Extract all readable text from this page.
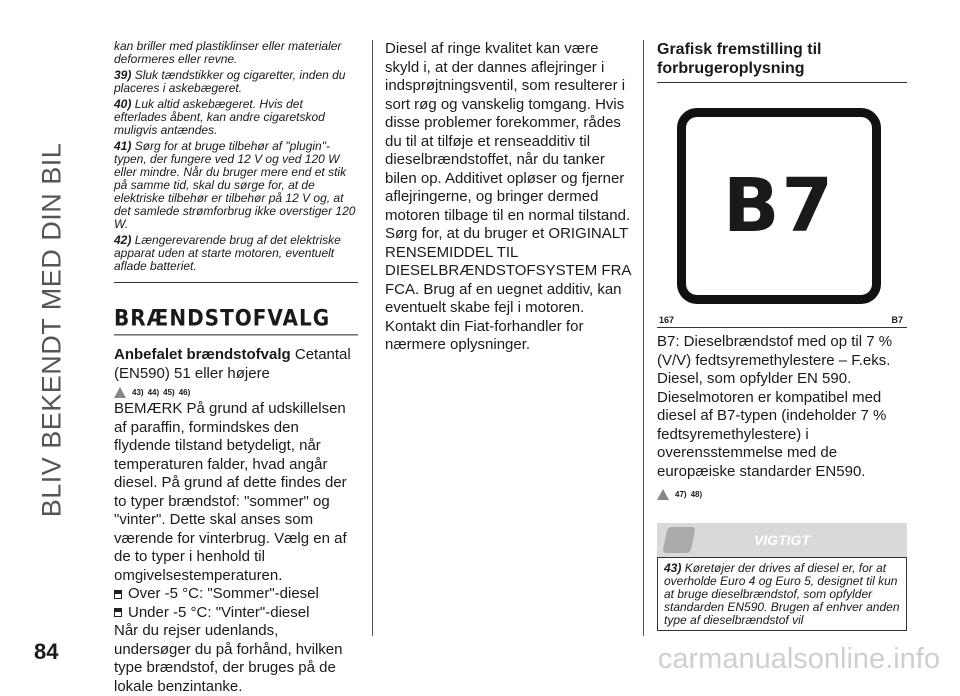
BLIV BEKENDT MED DIN BIL

kan briller med plastiklinser eller materialer deformeres eller revne.

39) Sluk tændstikker og cigaretter, inden du placeres i askebægeret.

40) Luk altid askebægeret. Hvis det efterlades åbent, kan andre cigaretskod muligvis antændes.

41) Sørg for at bruge tilbehør af "plugin"-typen, der fungere ved 12 V og ved 120 W eller mindre. Når du bruger mere end et stik på samme tid, skal du sørge for, at de elektriske tilbehør er tilbehør på 12 V og, at det samlede strømforbrug ikke overstiger 120 W.

42) Længerevarende brug af det elektriske apparat uden at starte motoren, eventuelt aflade batteriet.

BRÆNDSTOFVALG

Anbefalet brændstofvalg Cetantal (EN590) 51 eller højere

43) 44) 45) 46)

BEMÆRK På grund af udskillelsen af paraffin, formindskes den flydende tilstand betydeligt, når temperaturen falder, hvad angår diesel. På grund af dette findes der to typer brændstof: "sommer" og "vinter". Dette skal anses som værende for vinterbrug. Vælg en af de to typer i henhold til omgivelsestemperaturen.

Over -5 °C: "Sommer"-diesel
Under -5 °C: "Vinter"-diesel

Når du rejser udenlands, undersøger du på forhånd, hvilken type brændstof, der bruges på de lokale benzintanke.

Diesel af ringe kvalitet kan være skyld i, at der dannes aflejringer i indsprøjtningsventil, som resulterer i sort røg og vanskelig tomgang. Hvis disse problemer forekommer, rådes du til at tilføje et renseadditiv til dieselbrændstoffet, når du tanker bilen op. Additivet opløser og fjerner aflejringerne, og bringer dermed motoren tilbage til en normal tilstand. Sørg for, at du bruger et ORIGINALT RENSEMIDDEL TIL DIESELBRÆNDSTOFSYSTEM FRA FCA. Brug af en uegnet additiv, kan eventuelt skabe fejl i motoren. Kontakt din Fiat-forhandler for nærmere oplysninger.

Grafisk fremstilling til forbrugeroplysning
B7
167	B7

B7: Dieselbrændstof med op til 7 % (V/V) fedtsyremethylestere – F.eks. Diesel, som opfylder EN 590.

Dieselmotoren er kompatibel med diesel af B7-typen (indeholder 7 % fedtsyremethylestere) i overensstemmelse med de europæiske standarder EN590.

47) 48)
VIGTIGT

43) Køretøjer der drives af diesel er, for at overholde Euro 4 og Euro 5, designet til kun at bruge dieselbrændstof, som opfylder standarden EN590. Brugen af enhver anden type af dieselbrændstof vil

84	carmanualsonline.info
